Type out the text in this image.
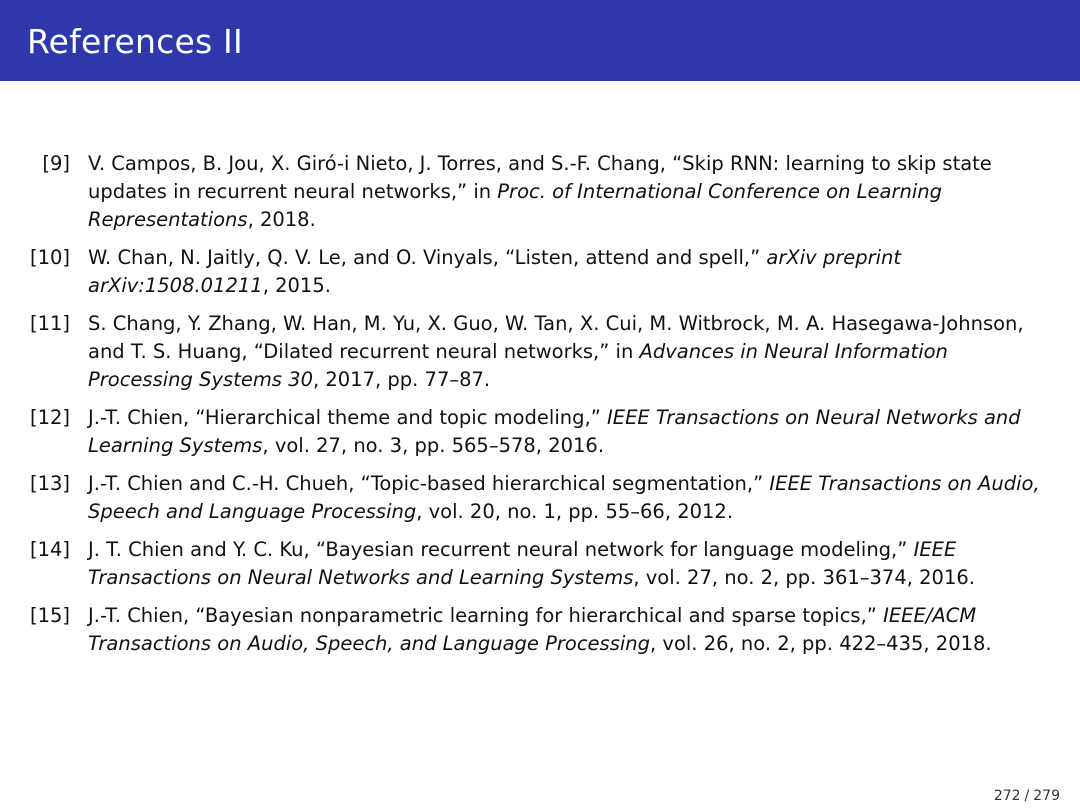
References II
[9] V. Campos, B. Jou, X. Giró-i Nieto, J. Torres, and S.-F. Chang, “Skip RNN: learning to skip state updates in recurrent neural networks,” in Proc. of International Conference on Learning Representations, 2018.
[10] W. Chan, N. Jaitly, Q. V. Le, and O. Vinyals, “Listen, attend and spell,” arXiv preprint arXiv:1508.01211, 2015.
[11] S. Chang, Y. Zhang, W. Han, M. Yu, X. Guo, W. Tan, X. Cui, M. Witbrock, M. A. Hasegawa-Johnson, and T. S. Huang, “Dilated recurrent neural networks,” in Advances in Neural Information Processing Systems 30, 2017, pp. 77–87.
[12] J.-T. Chien, “Hierarchical theme and topic modeling,” IEEE Transactions on Neural Networks and Learning Systems, vol. 27, no. 3, pp. 565–578, 2016.
[13] J.-T. Chien and C.-H. Chueh, “Topic-based hierarchical segmentation,” IEEE Transactions on Audio, Speech and Language Processing, vol. 20, no. 1, pp. 55–66, 2012.
[14] J. T. Chien and Y. C. Ku, “Bayesian recurrent neural network for language modeling,” IEEE Transactions on Neural Networks and Learning Systems, vol. 27, no. 2, pp. 361–374, 2016.
[15] J.-T. Chien, “Bayesian nonparametric learning for hierarchical and sparse topics,” IEEE/ACM Transactions on Audio, Speech, and Language Processing, vol. 26, no. 2, pp. 422–435, 2018.
272 / 279
